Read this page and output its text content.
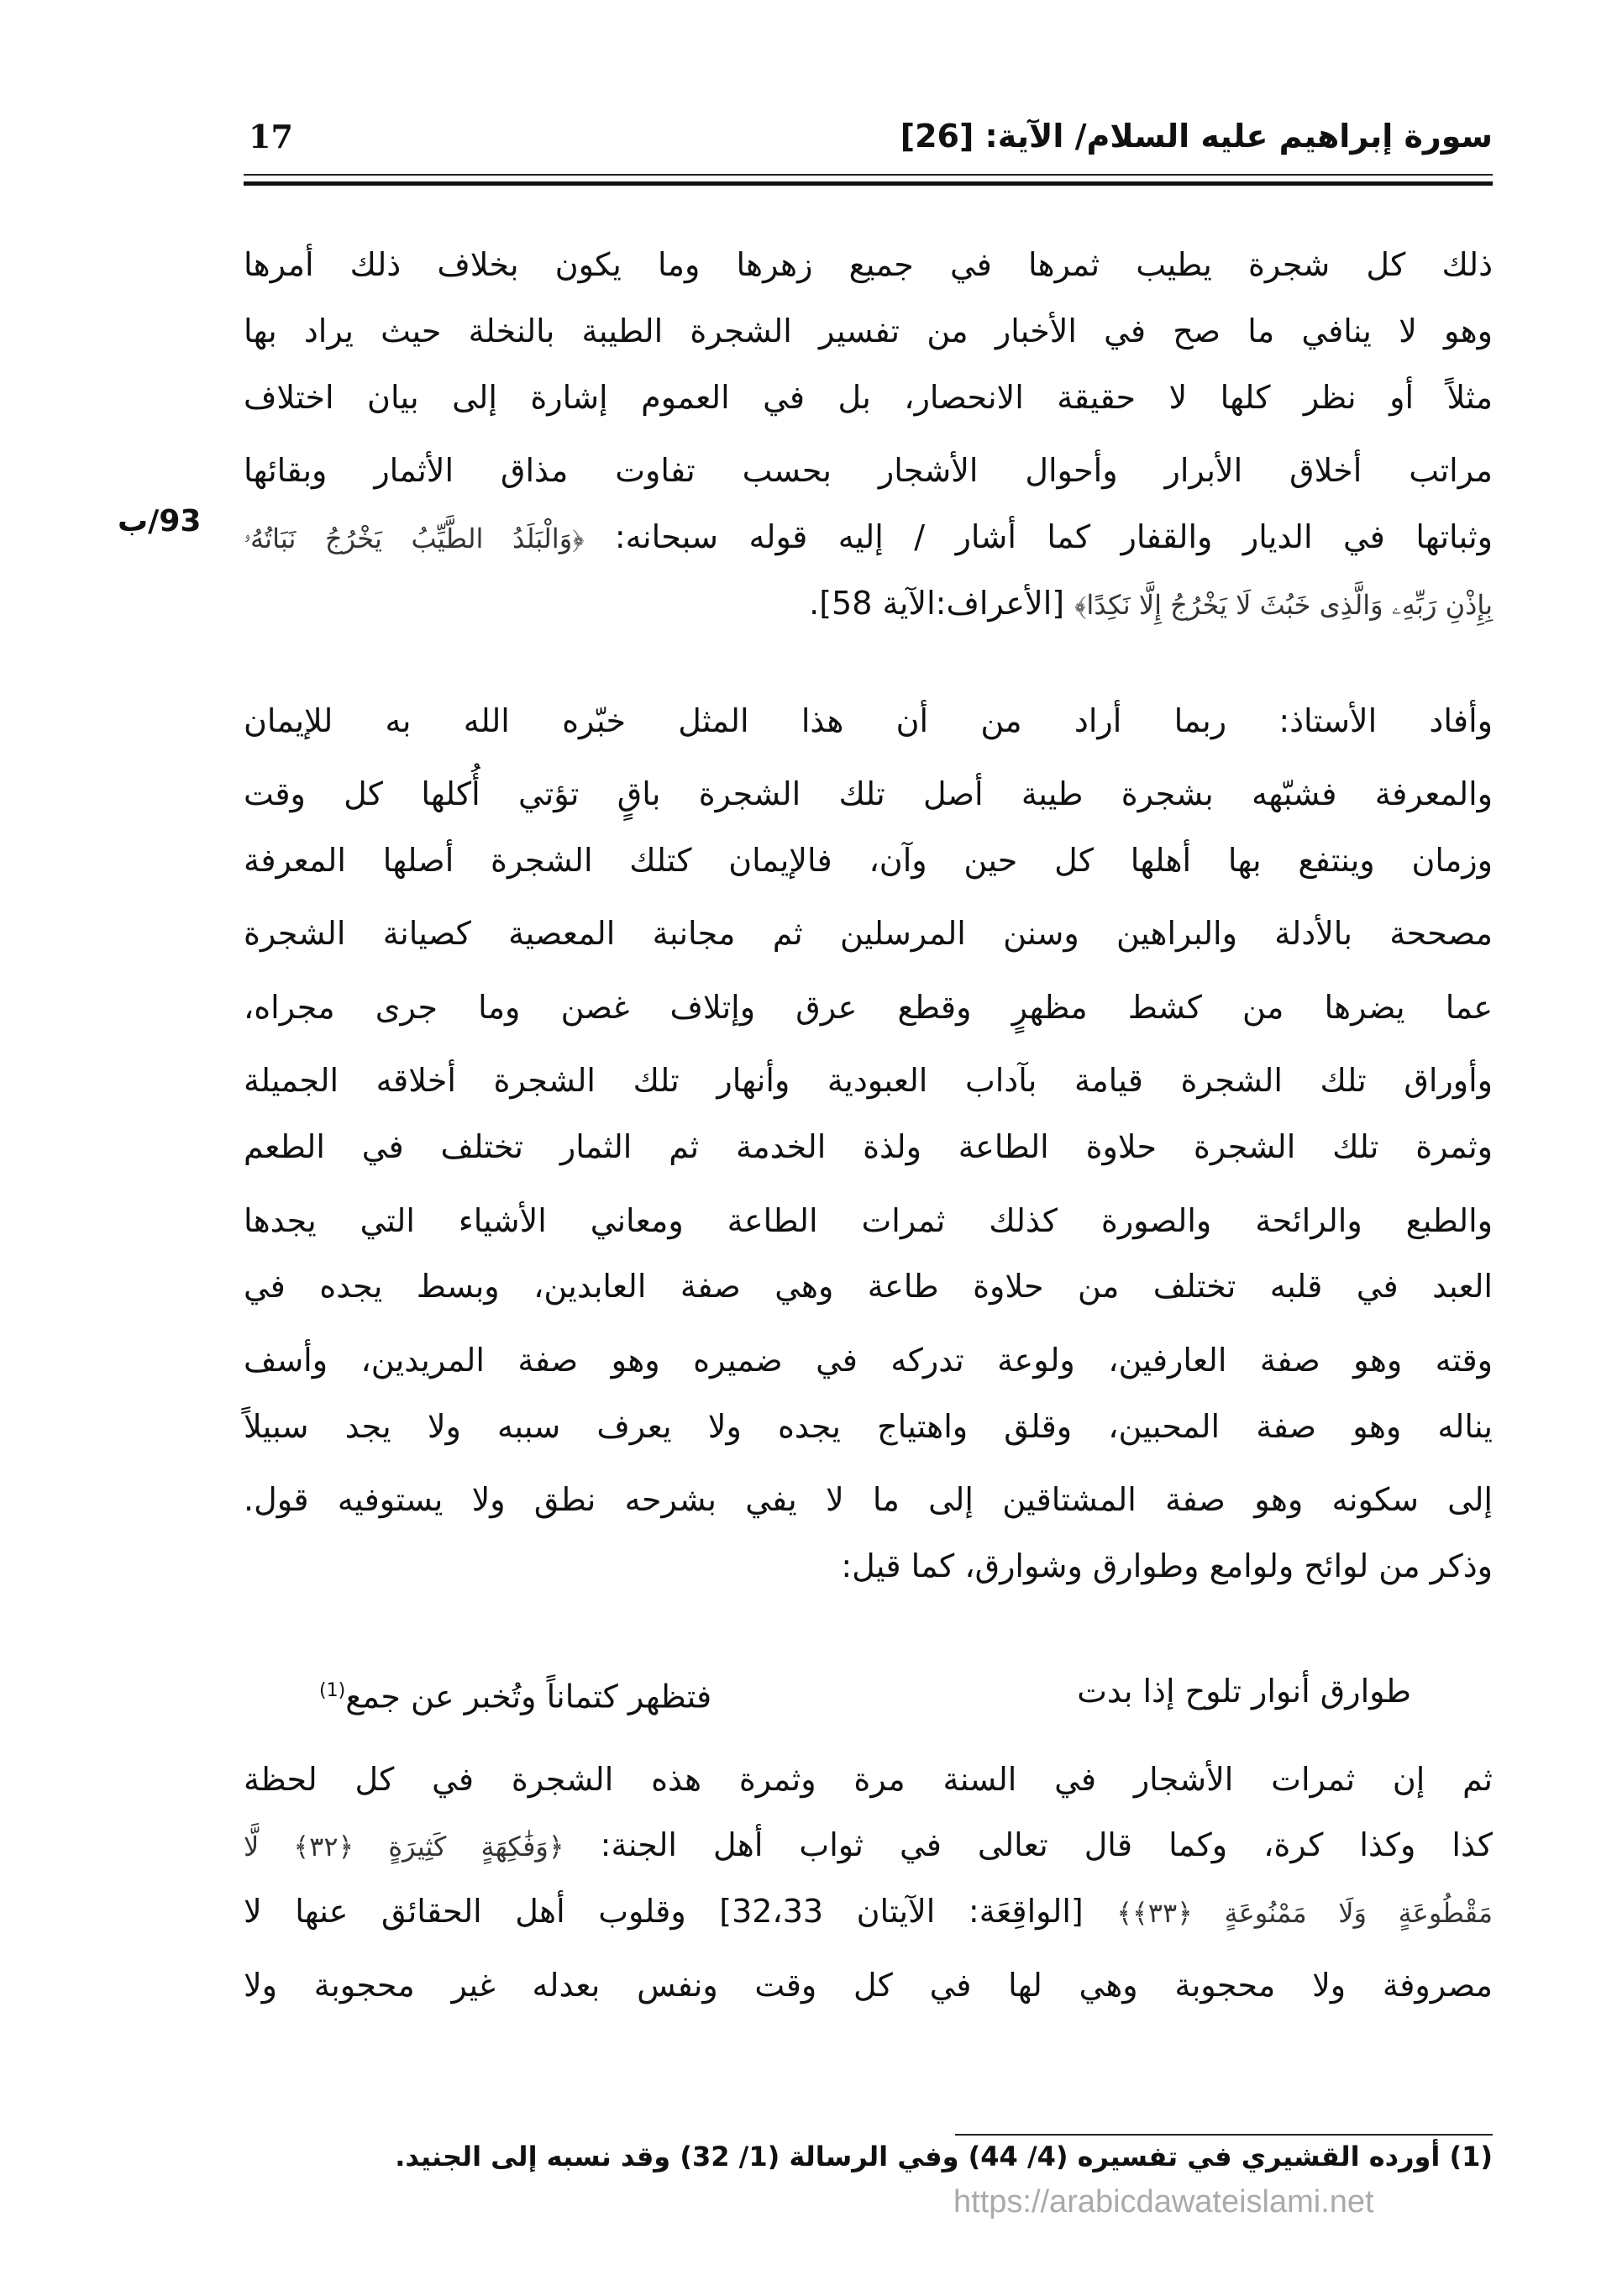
سورة إبراهيم عليه السلام/ الآية: [26]
17
93/ب
ذلك كل شجرة يطيب ثمرها في جميع زهرها وما يكون بخلاف ذلك أمرها
وهو لا ينافي ما صح في الأخبار من تفسير الشجرة الطيبة بالنخلة حيث يراد بها
مثلاً أو نظر كلها لا حقيقة الانحصار، بل في العموم إشارة إلى بيان اختلاف
مراتب أخلاق الأبرار وأحوال الأشجار بحسب تفاوت مذاق الأثمار وبقائها
وثباتها في الديار والقفار كما أشار / إليه قوله سبحانه: ﴿وَالْبَلَدُ الطَّيِّبُ يَخْرُجُ نَبَاتُهُۥ
بِإِذْنِ رَبِّهِۦ وَالَّذِى خَبُثَ لَا يَخْرُجُ إِلَّا نَكِدًا﴾ [الأعراف:الآية 58].
وأفاد الأستاذ: ربما أراد من أن هذا المثل خبّره الله به للإيمان
والمعرفة فشبّهه بشجرة طيبة أصل تلك الشجرة باقٍ تؤتي أُكلها كل وقت
وزمان وينتفع بها أهلها كل حين وآن، فالإيمان كتلك الشجرة أصلها المعرفة
مصححة بالأدلة والبراهين وسنن المرسلين ثم مجانبة المعصية كصيانة الشجرة
عما يضرها من كشط مظهرٍ وقطع عرق وإتلاف غصن وما جرى مجراه،
وأوراق تلك الشجرة قيامة بآداب العبودية وأنهار تلك الشجرة أخلاقه الجميلة
وثمرة تلك الشجرة حلاوة الطاعة ولذة الخدمة ثم الثمار تختلف في الطعم
والطبع والرائحة والصورة كذلك ثمرات الطاعة ومعاني الأشياء التي يجدها
العبد في قلبه تختلف من حلاوة طاعة وهي صفة العابدين، وبسط يجده في
وقته وهو صفة العارفين، ولوعة تدركه في ضميره وهو صفة المريدين، وأسف
يناله وهو صفة المحبين، وقلق واهتياج يجده ولا يعرف سببه ولا يجد سبيلاً
إلى سكونه وهو صفة المشتاقين إلى ما لا يفي بشرحه نطق ولا يستوفيه قول.
وذكر من لوائح ولوامع وطوارق وشوارق، كما قيل:
طوارق أنوار تلوح إذا بدت
فتظهر كتماناً وتُخبر عن جمع$^{(1)}$
ثم إن ثمرات الأشجار في السنة مرة وثمرة هذه الشجرة في كل لحظة
كذا وكذا كرة، وكما قال تعالى في ثواب أهل الجنة: ﴿وَفَٰكِهَةٍ كَثِيرَةٍ ﴿٣٢﴾ لَّا
مَقْطُوعَةٍ وَلَا مَمْنُوعَةٍ ﴿٣٣﴾﴾ [الواقِعَة: الآيتان 32،33] وقلوب أهل الحقائق عنها لا
مصروفة ولا محجوبة وهي لها في كل وقت ونفس بعدله غير محجوبة ولا
(1) أورده القشيري في تفسيره (4/ 44) وفي الرسالة (1/ 32) وقد نسبه إلى الجنيد.
https://arabicdawateislami.net
